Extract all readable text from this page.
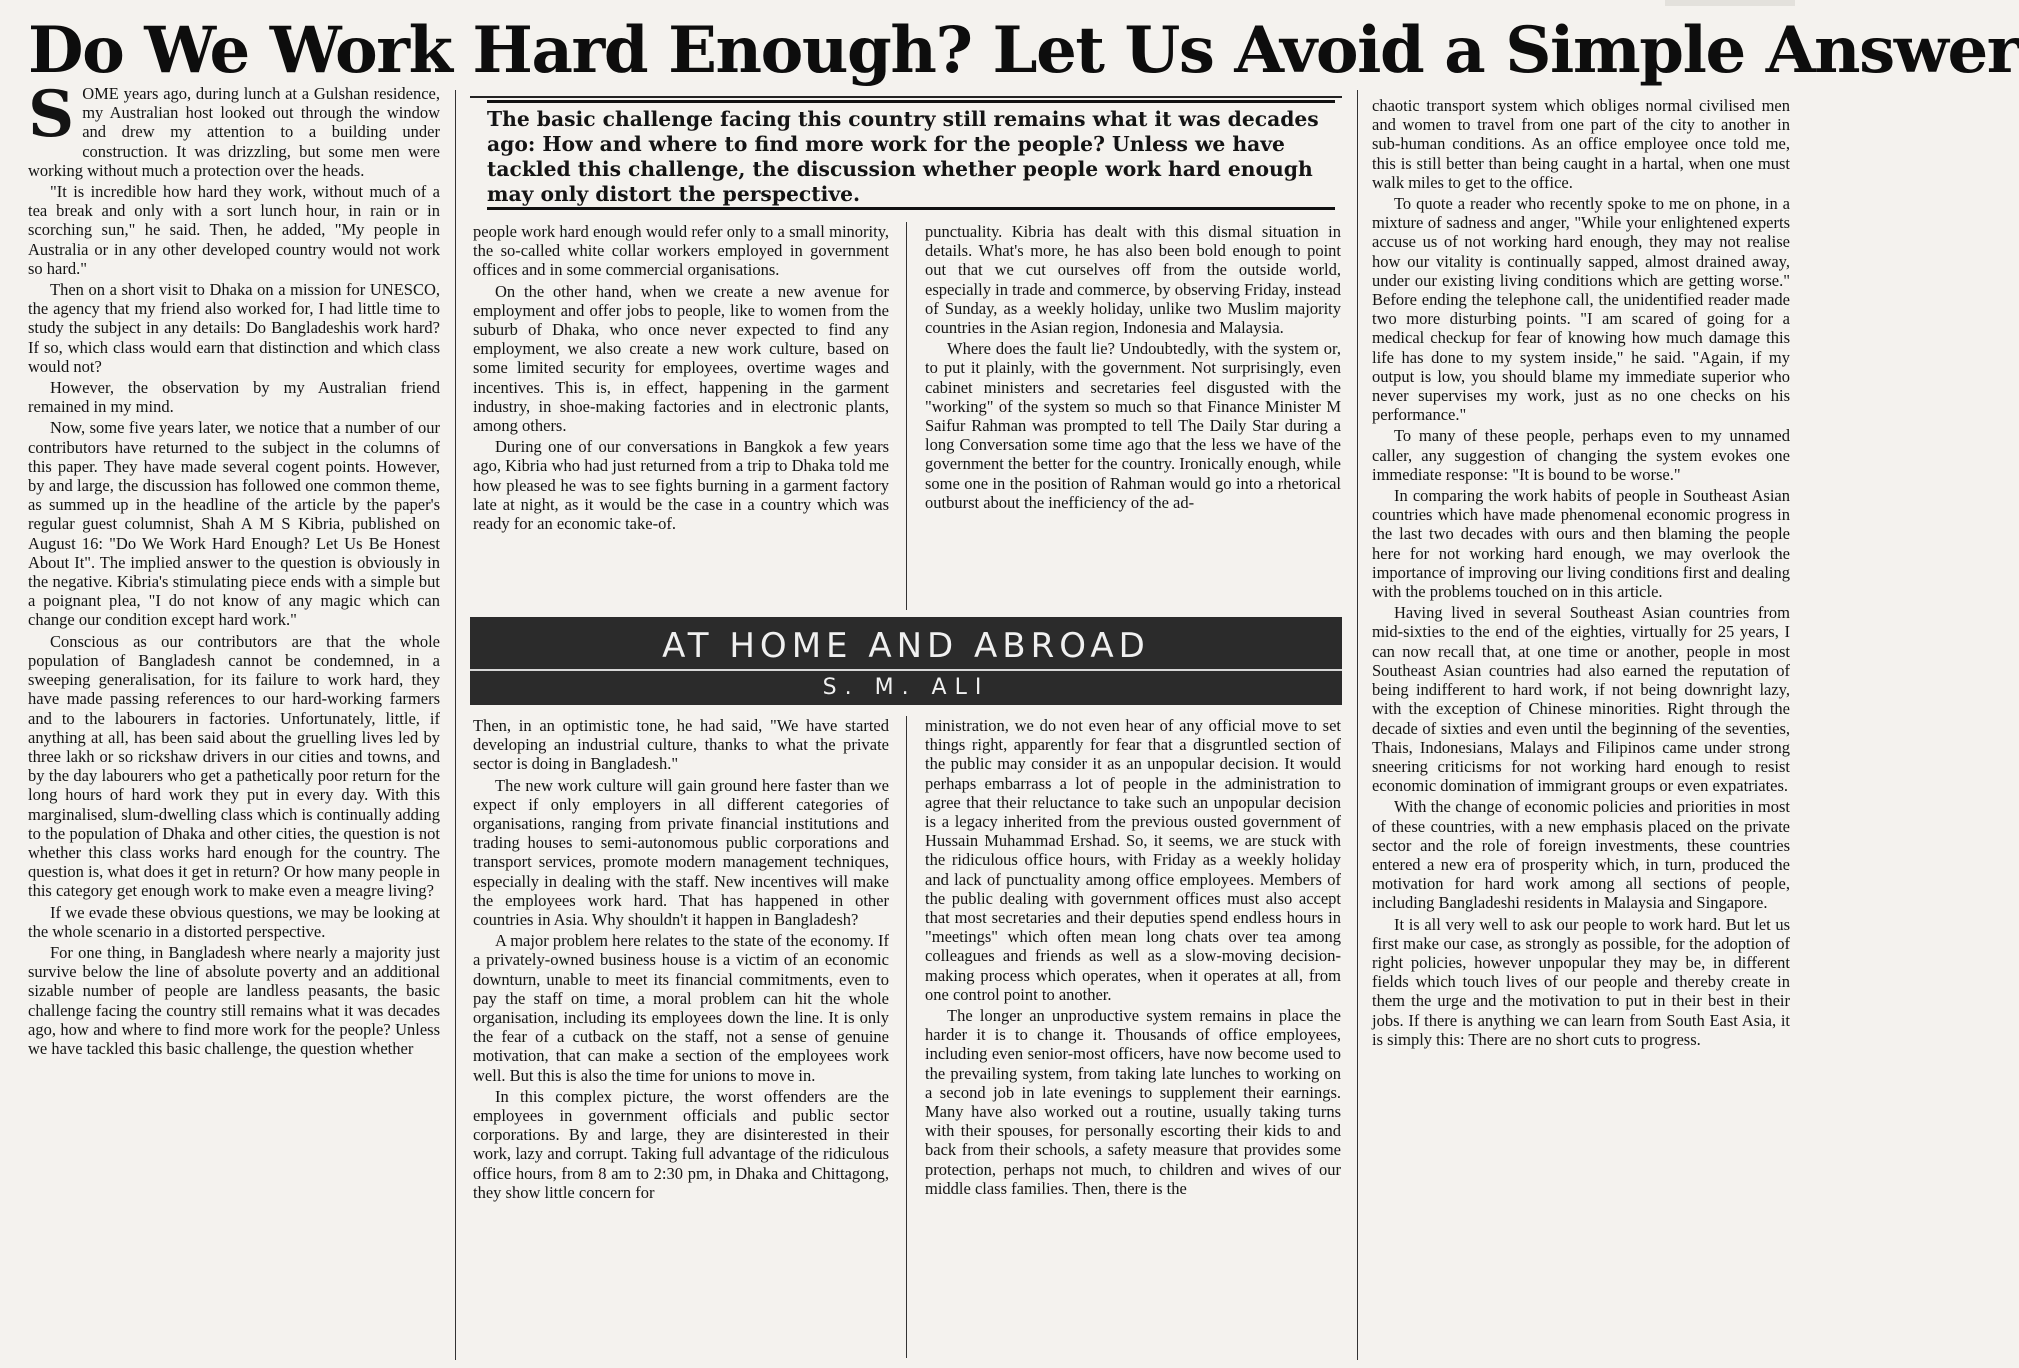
Do We Work Hard Enough? Let Us Avoid a Simple Answer

SOME years ago, during lunch at a Gulshan residence, my Australian host looked out through the window and drew my attention to a building under construction. It was drizzling, but some men were working without much a protection over the heads.

"It is incredible how hard they work, without much of a tea break and only with a sort lunch hour, in rain or in scorching sun," he said. Then, he added, "My people in Australia or in any other developed country would not work so hard."

Then on a short visit to Dhaka on a mission for UNESCO, the agency that my friend also worked for, I had little time to study the subject in any details: Do Bangladeshis work hard? If so, which class would earn that distinction and which class would not?

However, the observation by my Australian friend remained in my mind.

Now, some five years later, we notice that a number of our contributors have returned to the subject in the columns of this paper. They have made several cogent points. However, by and large, the discussion has followed one common theme, as summed up in the headline of the article by the paper's regular guest columnist, Shah A M S Kibria, published on August 16: "Do We Work Hard Enough? Let Us Be Honest About It". The implied answer to the question is obviously in the negative. Kibria's stimulating piece ends with a simple but a poignant plea, "I do not know of any magic which can change our condition except hard work."

Conscious as our contributors are that the whole population of Bangladesh cannot be condemned, in a sweeping generalisation, for its failure to work hard, they have made passing references to our hard-working farmers and to the labourers in factories. Unfortunately, little, if anything at all, has been said about the gruelling lives led by three lakh or so rickshaw drivers in our cities and towns, and by the day labourers who get a pathetically poor return for the long hours of hard work they put in every day. With this marginalised, slum-dwelling class which is continually adding to the population of Dhaka and other cities, the question is not whether this class works hard enough for the country. The question is, what does it get in return? Or how many people in this category get enough work to make even a meagre living?

If we evade these obvious questions, we may be looking at the whole scenario in a distorted perspective.

For one thing, in Bangladesh where nearly a majority just survive below the line of absolute poverty and an additional sizable number of people are landless peasants, the basic challenge facing the country still remains what it was decades ago, how and where to find more work for the people? Unless we have tackled this basic challenge, the question whether

The basic challenge facing this country still remains what it was decades ago: How and where to find more work for the people? Unless we have tackled this challenge, the discussion whether people work hard enough may only distort the perspective.

people work hard enough would refer only to a small minority, the so-called white collar workers employed in government offices and in some commercial organisations.

On the other hand, when we create a new avenue for employment and offer jobs to people, like to women from the suburb of Dhaka, who once never expected to find any employment, we also create a new work culture, based on some limited security for employees, overtime wages and incentives. This is, in effect, happening in the garment industry, in shoe-making factories and in electronic plants, among others.

During one of our conversations in Bangkok a few years ago, Kibria who had just returned from a trip to Dhaka told me how pleased he was to see fights burning in a garment factory late at night, as it would be the case in a country which was ready for an economic take-of.

punctuality. Kibria has dealt with this dismal situation in details. What's more, he has also been bold enough to point out that we cut ourselves off from the outside world, especially in trade and commerce, by observing Friday, instead of Sunday, as a weekly holiday, unlike two Muslim majority countries in the Asian region, Indonesia and Malaysia.

Where does the fault lie? Undoubtedly, with the system or, to put it plainly, with the government. Not surprisingly, even cabinet ministers and secretaries feel disgusted with the "working" of the system so much so that Finance Minister M Saifur Rahman was prompted to tell The Daily Star during a long Conversation some time ago that the less we have of the government the better for the country. Ironically enough, while some one in the position of Rahman would go into a rhetorical outburst about the inefficiency of the ad-

AT HOME AND ABROAD
S. M. ALI

Then, in an optimistic tone, he had said, "We have started developing an industrial culture, thanks to what the private sector is doing in Bangladesh."

The new work culture will gain ground here faster than we expect if only employers in all different categories of organisations, ranging from private financial institutions and trading houses to semi-autonomous public corporations and transport services, promote modern management techniques, especially in dealing with the staff. New incentives will make the employees work hard. That has happened in other countries in Asia. Why shouldn't it happen in Bangladesh?

A major problem here relates to the state of the economy. If a privately-owned business house is a victim of an economic downturn, unable to meet its financial commitments, even to pay the staff on time, a moral problem can hit the whole organisation, including its employees down the line. It is only the fear of a cutback on the staff, not a sense of genuine motivation, that can make a section of the employees work well. But this is also the time for unions to move in.

In this complex picture, the worst offenders are the employees in government officials and public sector corporations. By and large, they are disinterested in their work, lazy and corrupt. Taking full advantage of the ridiculous office hours, from 8 am to 2:30 pm, in Dhaka and Chittagong, they show little concern for

ministration, we do not even hear of any official move to set things right, apparently for fear that a disgruntled section of the public may consider it as an unpopular decision. It would perhaps embarrass a lot of people in the administration to agree that their reluctance to take such an unpopular decision is a legacy inherited from the previous ousted government of Hussain Muhammad Ershad. So, it seems, we are stuck with the ridiculous office hours, with Friday as a weekly holiday and lack of punctuality among office employees. Members of the public dealing with government offices must also accept that most secretaries and their deputies spend endless hours in "meetings" which often mean long chats over tea among colleagues and friends as well as a slow-moving decision-making process which operates, when it operates at all, from one control point to another.

The longer an unproductive system remains in place the harder it is to change it. Thousands of office employees, including even senior-most officers, have now become used to the prevailing system, from taking late lunches to working on a second job in late evenings to supplement their earnings. Many have also worked out a routine, usually taking turns with their spouses, for personally escorting their kids to and back from their schools, a safety measure that provides some protection, perhaps not much, to children and wives of our middle class families. Then, there is the

chaotic transport system which obliges normal civilised men and women to travel from one part of the city to another in sub-human conditions. As an office employee once told me, this is still better than being caught in a hartal, when one must walk miles to get to the office.

To quote a reader who recently spoke to me on phone, in a mixture of sadness and anger, "While your enlightened experts accuse us of not working hard enough, they may not realise how our vitality is continually sapped, almost drained away, under our existing living conditions which are getting worse." Before ending the telephone call, the unidentified reader made two more disturbing points. "I am scared of going for a medical checkup for fear of knowing how much damage this life has done to my system inside," he said. "Again, if my output is low, you should blame my immediate superior who never supervises my work, just as no one checks on his performance."

To many of these people, perhaps even to my unnamed caller, any suggestion of changing the system evokes one immediate response: "It is bound to be worse."

In comparing the work habits of people in Southeast Asian countries which have made phenomenal economic progress in the last two decades with ours and then blaming the people here for not working hard enough, we may overlook the importance of improving our living conditions first and dealing with the problems touched on in this article.

Having lived in several Southeast Asian countries from mid-sixties to the end of the eighties, virtually for 25 years, I can now recall that, at one time or another, people in most Southeast Asian countries had also earned the reputation of being indifferent to hard work, if not being downright lazy, with the exception of Chinese minorities. Right through the decade of sixties and even until the beginning of the seventies, Thais, Indonesians, Malays and Filipinos came under strong sneering criticisms for not working hard enough to resist economic domination of immigrant groups or even expatriates.

With the change of economic policies and priorities in most of these countries, with a new emphasis placed on the private sector and the role of foreign investments, these countries entered a new era of prosperity which, in turn, produced the motivation for hard work among all sections of people, including Bangladeshi residents in Malaysia and Singapore.

It is all very well to ask our people to work hard. But let us first make our case, as strongly as possible, for the adoption of right policies, however unpopular they may be, in different fields which touch lives of our people and thereby create in them the urge and the motivation to put in their best in their jobs. If there is anything we can learn from South East Asia, it is simply this: There are no short cuts to progress.
